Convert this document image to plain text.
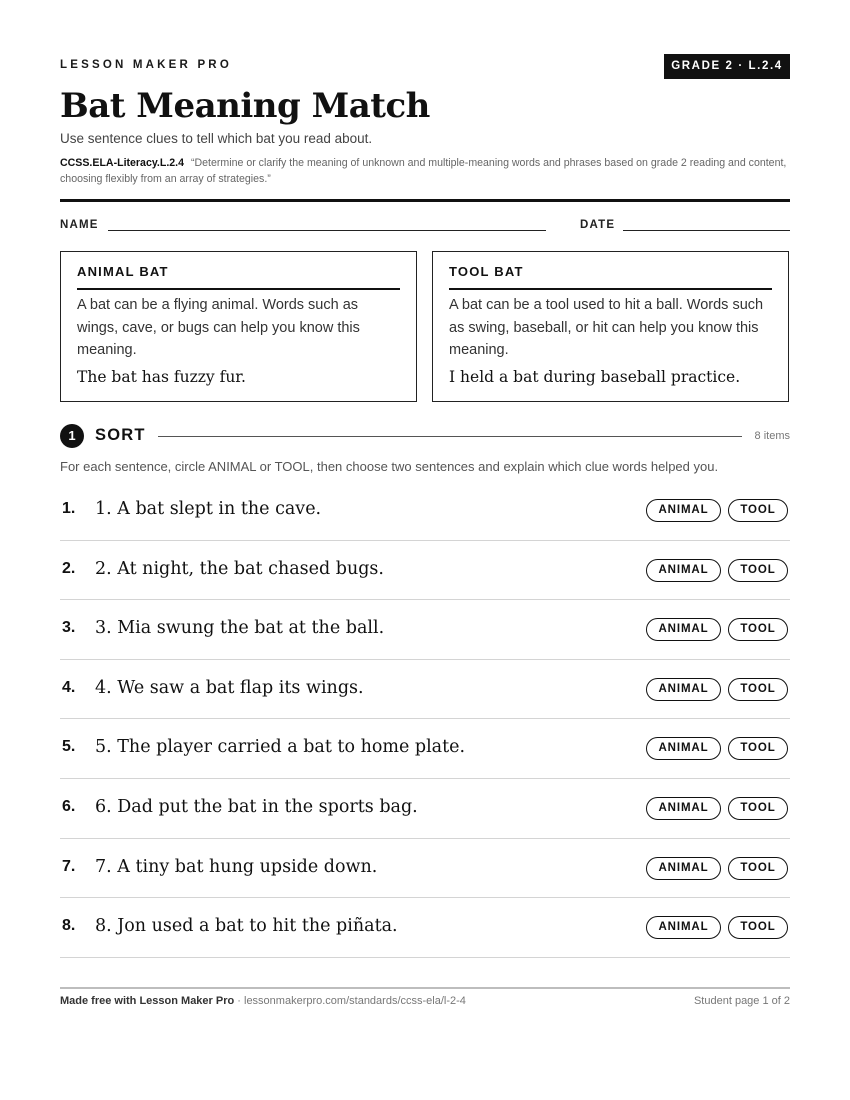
LESSON MAKER PRO	GRADE 2 · L.2.4
Bat Meaning Match
Use sentence clues to tell which bat you read about.
CCSS.ELA-Literacy.L.2.4 “Determine or clarify the meaning of unknown and multiple-meaning words and phrases based on grade 2 reading and content, choosing flexibly from an array of strategies.”
NAME	DATE
ANIMAL BAT
A bat can be a flying animal. Words such as wings, cave, or bugs can help you know this meaning.
The bat has fuzzy fur.
TOOL BAT
A bat can be a tool used to hit a ball. Words such as swing, baseball, or hit can help you know this meaning.
I held a bat during baseball practice.
1	SORT	8 items
For each sentence, circle ANIMAL or TOOL, then choose two sentences and explain which clue words helped you.
1. 1. A bat slept in the cave.	ANIMAL	TOOL
2. 2. At night, the bat chased bugs.	ANIMAL	TOOL
3. 3. Mia swung the bat at the ball.	ANIMAL	TOOL
4. 4. We saw a bat flap its wings.	ANIMAL	TOOL
5. 5. The player carried a bat to home plate.	ANIMAL	TOOL
6. 6. Dad put the bat in the sports bag.	ANIMAL	TOOL
7. 7. A tiny bat hung upside down.	ANIMAL	TOOL
8. 8. Jon used a bat to hit the piñata.	ANIMAL	TOOL
Made free with Lesson Maker Pro · lessonmakerpro.com/standards/ccss-ela/l-2-4	Student page 1 of 2
